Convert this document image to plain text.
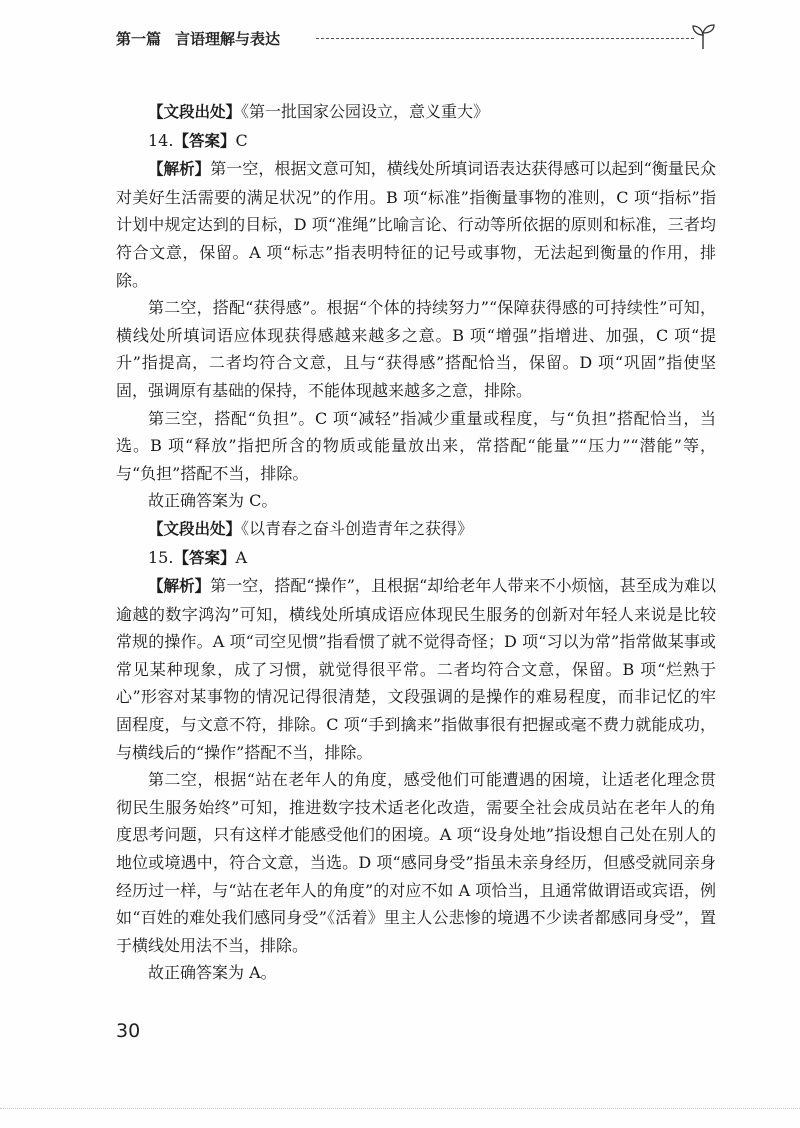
第一篇 言语理解与表达

【文段出处】《第一批国家公园设立，意义重大》

14.【答案】C

【解析】第一空，根据文意可知，横线处所填词语表达获得感可以起到“衡量民众对美好生活需要的满足状况”的作用。B 项“标准”指衡量事物的准则，C 项“指标”指计划中规定达到的目标，D 项“准绳”比喻言论、行动等所依据的原则和标准，三者均符合文意，保留。A 项“标志”指表明特征的记号或事物，无法起到衡量的作用，排除。

第二空，搭配“获得感”。根据“个体的持续努力”“保障获得感的可持续性”可知，横线处所填词语应体现获得感越来越多之意。B 项“增强”指增进、加强，C 项“提升”指提高，二者均符合文意，且与“获得感”搭配恰当，保留。D 项“巩固”指使坚固，强调原有基础的保持，不能体现越来越多之意，排除。

第三空，搭配“负担”。C 项“减轻”指减少重量或程度，与“负担”搭配恰当，当选。B 项“释放”指把所含的物质或能量放出来，常搭配“能量”“压力”“潜能”等，与“负担”搭配不当，排除。

故正确答案为 C。

【文段出处】《以青春之奋斗创造青年之获得》

15.【答案】A

【解析】第一空，搭配“操作”，且根据“却给老年人带来不小烦恼，甚至成为难以逾越的数字鸿沟”可知，横线处所填成语应体现民生服务的创新对年轻人来说是比较常规的操作。A 项“司空见惯”指看惯了就不觉得奇怪；D 项“习以为常”指常做某事或常见某种现象，成了习惯，就觉得很平常。二者均符合文意，保留。B 项“烂熟于心”形容对某事物的情况记得很清楚，文段强调的是操作的难易程度，而非记忆的牢固程度，与文意不符，排除。C 项“手到擒来”指做事很有把握或毫不费力就能成功，与横线后的“操作”搭配不当，排除。

第二空，根据“站在老年人的角度，感受他们可能遭遇的困境，让适老化理念贯彻民生服务始终”可知，推进数字技术适老化改造，需要全社会成员站在老年人的角度思考问题，只有这样才能感受他们的困境。A 项“设身处地”指设想自己处在别人的地位或境遇中，符合文意，当选。D 项“感同身受”指虽未亲身经历，但感受就同亲身经历过一样，与“站在老年人的角度”的对应不如 A 项恰当，且通常做谓语或宾语，例如“百姓的难处我们感同身受”《活着》里主人公悲惨的境遇不少读者都感同身受”，置于横线处用法不当，排除。

故正确答案为 A。

30
